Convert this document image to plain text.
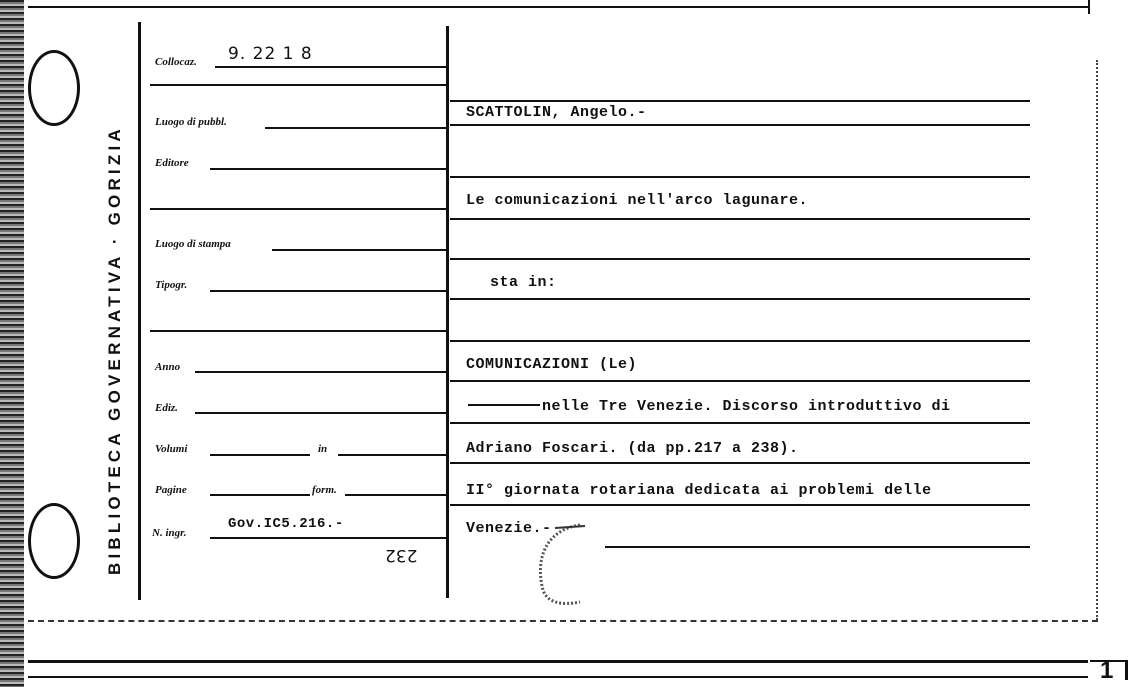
1
BIBLIOTECA GOVERNATIVA · GORIZIA
Collocaz. 9. 22 1 8
Luogo di pubbl.
Editore
Luogo di stampa
Tipogr.
Anno
Ediz.
Volumi	in
Pagine	form.
N. ingr.
Gov.IC5.216.-
232
SCATTOLIN, Angelo.-
Le comunicazioni nell'arco lagunare.
sta in:
COMUNICAZIONI (Le)
nelle Tre Venezie. Discorso introduttivo di
Adriano Foscari. (da pp.217 a 238).
II° giornata rotariana dedicata ai problemi delle
Venezie.-
